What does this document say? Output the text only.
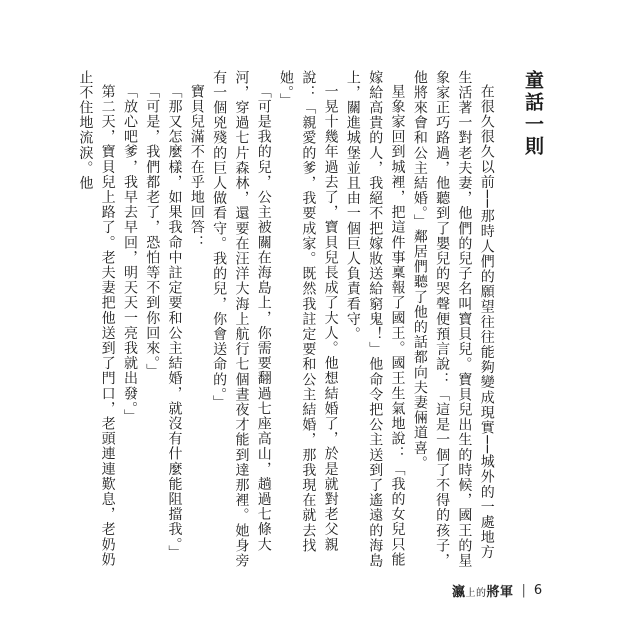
童話一則

在很久很久以前──那時人們的願望往往能夠變成現實──城外的一處地方生活著一對老夫妻，他們的兒子名叫寶貝兒。寶貝兒出生的時候，國王的星象家正巧路過，他聽到了嬰兒的哭聲便預言說：「這是一個了不得的孩子，他將來會和公主結婚。」鄰居們聽了他的話都向夫妻倆道喜。

星象家回到城裡，把這件事稟報了國王。國王生氣地說：「我的女兒只能嫁給高貴的人，我絕不把嫁妝送給窮鬼！」他命令把公主送到了遙遠的海島上，關進城堡並且由一個巨人負責看守。

一晃十幾年過去了，寶貝兒長成了大人。他想結婚了，於是就對老父親說：「親愛的爹，我要成家。既然我註定要和公主結婚，那我現在就去找她。」

「可是我的兒，公主被關在海島上，你需要翻過七座高山，趟過七條大河，穿過七片森林，還要在汪洋大海上航行七個晝夜才能到達那裡。她身旁有一個兇殘的巨人做看守。我的兒，你會送命的。」

寶貝兒滿不在乎地回答：

「那又怎麼樣，如果我命中註定要和公主結婚，就沒有什麼能阻擋我。」

「可是，我們都老了，恐怕等不到你回來。」

「放心吧爹，我早去早回，明天天一亮我就出發。」

第二天，寶貝兒上路了。老夫妻把他送到了門口，老頭連連歎息，老奶奶止不住地流淚。他

瀛上的將軍 | 6
